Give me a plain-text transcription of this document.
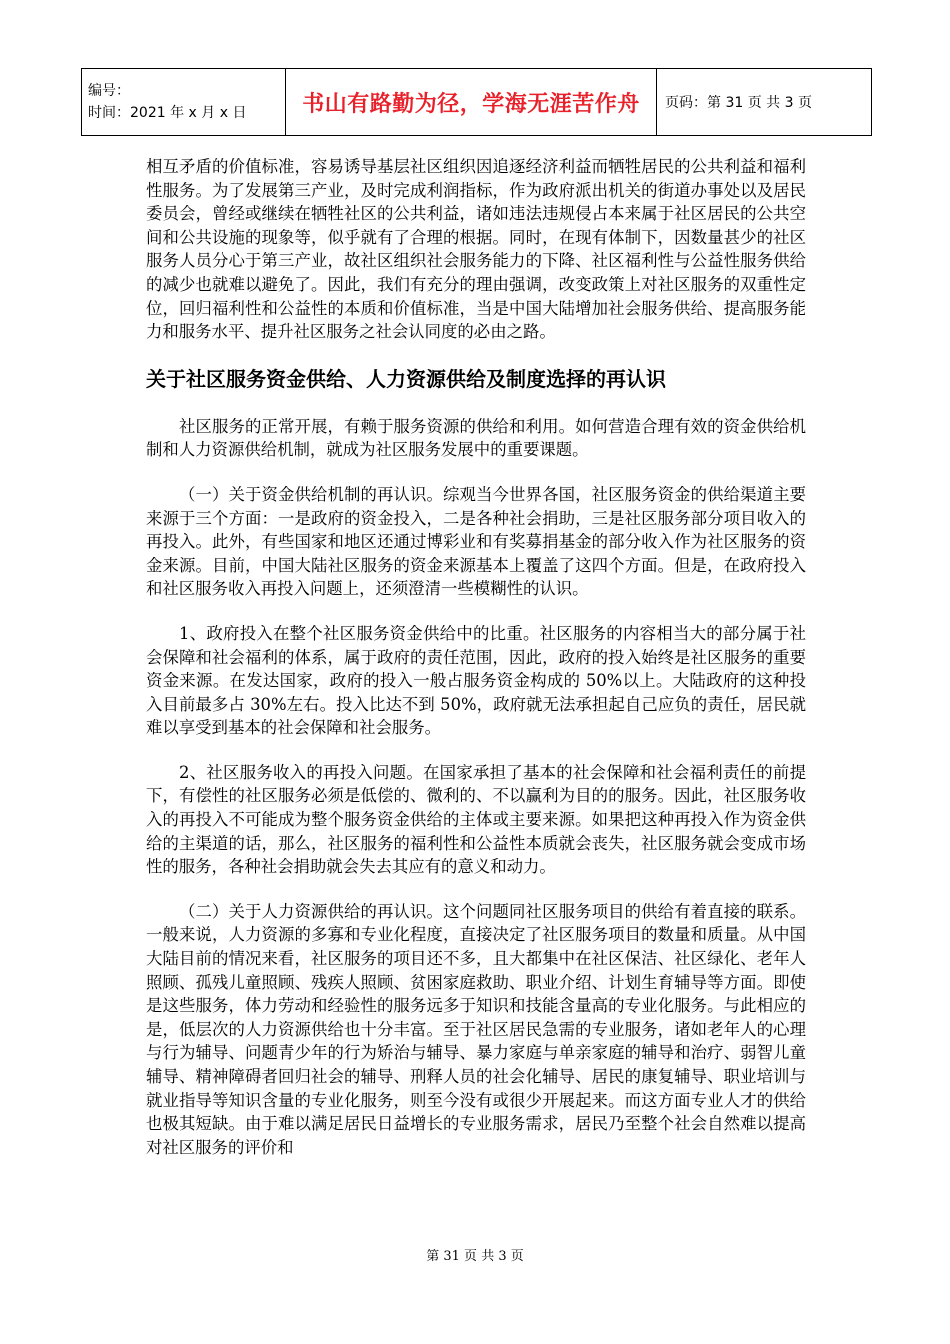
编号：
时间：2021 年 x 月 x 日	书山有路勤为径，学海无涯苦作舟	页码：第 31 页 共 3 页

相互矛盾的价值标准，容易诱导基层社区组织因追逐经济利益而牺牲居民的公共利益和福利性服务。为了发展第三产业，及时完成利润指标，作为政府派出机关的街道办事处以及居民委员会，曾经或继续在牺牲社区的公共利益，诸如违法违规侵占本来属于社区居民的公共空间和公共设施的现象等，似乎就有了合理的根据。同时，在现有体制下，因数量甚少的社区服务人员分心于第三产业，故社区组织社会服务能力的下降、社区福利性与公益性服务供给的减少也就难以避免了。因此，我们有充分的理由强调，改变政策上对社区服务的双重性定位，回归福利性和公益性的本质和价值标准，当是中国大陆增加社会服务供给、提高服务能力和服务水平、提升社区服务之社会认同度的必由之路。

关于社区服务资金供给、人力资源供给及制度选择的再认识

社区服务的正常开展，有赖于服务资源的供给和利用。如何营造合理有效的资金供给机制和人力资源供给机制，就成为社区服务发展中的重要课题。

（一）关于资金供给机制的再认识。综观当今世界各国，社区服务资金的供给渠道主要来源于三个方面：一是政府的资金投入，二是各种社会捐助，三是社区服务部分项目收入的再投入。此外，有些国家和地区还通过博彩业和有奖募捐基金的部分收入作为社区服务的资金来源。目前，中国大陆社区服务的资金来源基本上覆盖了这四个方面。但是，在政府投入和社区服务收入再投入问题上，还须澄清一些模糊性的认识。

1、政府投入在整个社区服务资金供给中的比重。社区服务的内容相当大的部分属于社会保障和社会福利的体系，属于政府的责任范围，因此，政府的投入始终是社区服务的重要资金来源。在发达国家，政府的投入一般占服务资金构成的 50%以上。大陆政府的这种投入目前最多占 30%左右。投入比达不到 50%，政府就无法承担起自己应负的责任，居民就难以享受到基本的社会保障和社会服务。

2、社区服务收入的再投入问题。在国家承担了基本的社会保障和社会福利责任的前提下，有偿性的社区服务必须是低偿的、微利的、不以赢利为目的的服务。因此，社区服务收入的再投入不可能成为整个服务资金供给的主体或主要来源。如果把这种再投入作为资金供给的主渠道的话，那么，社区服务的福利性和公益性本质就会丧失，社区服务就会变成市场性的服务，各种社会捐助就会失去其应有的意义和动力。

（二）关于人力资源供给的再认识。这个问题同社区服务项目的供给有着直接的联系。一般来说，人力资源的多寡和专业化程度，直接决定了社区服务项目的数量和质量。从中国大陆目前的情况来看，社区服务的项目还不多，且大都集中在社区保洁、社区绿化、老年人照顾、孤残儿童照顾、残疾人照顾、贫困家庭救助、职业介绍、计划生育辅导等方面。即使是这些服务，体力劳动和经验性的服务远多于知识和技能含量高的专业化服务。与此相应的是，低层次的人力资源供给也十分丰富。至于社区居民急需的专业服务，诸如老年人的心理与行为辅导、问题青少年的行为矫治与辅导、暴力家庭与单亲家庭的辅导和治疗、弱智儿童辅导、精神障碍者回归社会的辅导、刑释人员的社会化辅导、居民的康复辅导、职业培训与就业指导等知识含量的专业化服务，则至今没有或很少开展起来。而这方面专业人才的供给也极其短缺。由于难以满足居民日益增长的专业服务需求，居民乃至整个社会自然难以提高对社区服务的评价和

第 31 页 共 3 页
